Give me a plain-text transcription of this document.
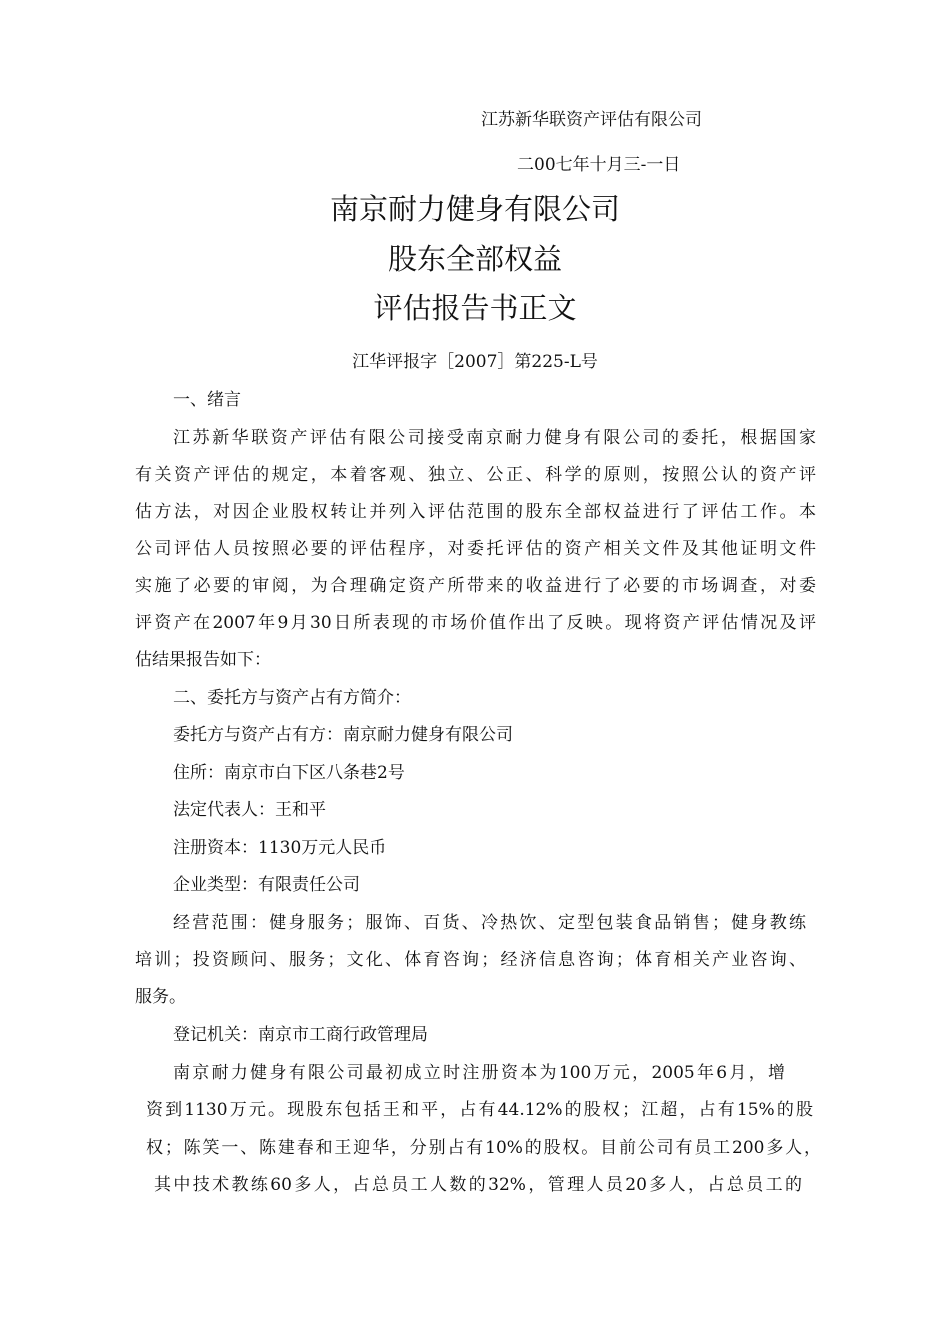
江苏新华联资产评估有限公司
二00七年十月三-一日
南京耐力健身有限公司
股东全部权益
评估报告书正文
江华评报字［2007］第225-L号
一、绪言
江苏新华联资产评估有限公司接受南京耐力健身有限公司的委托，根据国家
有关资产评估的规定，本着客观、独立、公正、科学的原则，按照公认的资产评
估方法，对因企业股权转让并列入评估范围的股东全部权益进行了评估工作。本
公司评估人员按照必要的评估程序，对委托评估的资产相关文件及其他证明文件
实施了必要的审阅，为合理确定资产所带来的收益进行了必要的市场调查，对委
评资产在2007年9月30日所表现的市场价值作出了反映。现将资产评估情况及评
估结果报告如下：
二、委托方与资产占有方简介：
委托方与资产占有方：南京耐力健身有限公司
住所：南京市白下区八条巷2号
法定代表人：王和平
注册资本：1130万元人民币
企业类型：有限责任公司
经营范围：健身服务；服饰、百货、冷热饮、定型包装食品销售；健身教练
培训；投资顾问、服务；文化、体育咨询；经济信息咨询；体育相关产业咨询、
服务。
登记机关：南京市工商行政管理局
南京耐力健身有限公司最初成立时注册资本为100万元，2005年6月，增
资到1130万元。现股东包括王和平，占有44.12%的股权；江超，占有15%的股
权；陈笑一、陈建春和王迎华，分别占有10%的股权。目前公司有员工200多人，
其中技术教练60多人，占总员工人数的32%，管理人员20多人，占总员工的
